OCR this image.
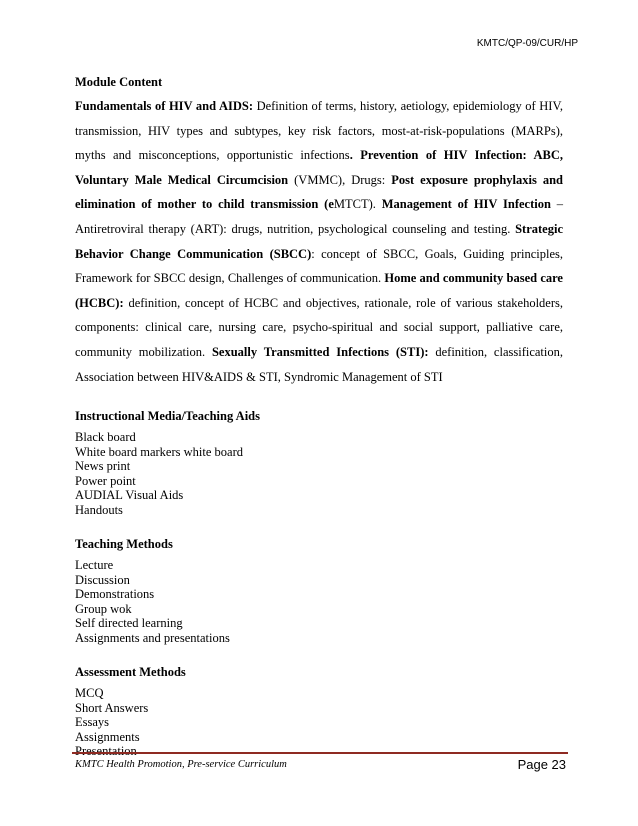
KMTC/QP-09/CUR/HP

Module Content

Fundamentals of HIV and AIDS: Definition of terms, history, aetiology, epidemiology of HIV, transmission, HIV types and subtypes, key risk factors, most-at-risk-populations (MARPs), myths and misconceptions, opportunistic infections. Prevention of HIV Infection: ABC, Voluntary Male Medical Circumcision (VMMC), Drugs: Post exposure prophylaxis and elimination of mother to child transmission (eMTCT). Management of HIV Infection – Antiretroviral therapy (ART): drugs, nutrition, psychological counseling and testing. Strategic Behavior Change Communication (SBCC): concept of SBCC, Goals, Guiding principles, Framework for SBCC design, Challenges of communication. Home and community based care (HCBC): definition, concept of HCBC and objectives, rationale, role of various stakeholders, components: clinical care, nursing care, psycho-spiritual and social support, palliative care, community mobilization. Sexually Transmitted Infections (STI): definition, classification, Association between HIV&AIDS & STI, Syndromic Management of STI

Instructional Media/Teaching Aids

Black board
White board markers white board
News print
Power point
AUDIAL Visual Aids
Handouts

Teaching Methods

Lecture
Discussion
Demonstrations
Group wok
Self directed learning
Assignments and presentations

Assessment Methods

MCQ
Short Answers
Essays
Assignments
Presentation
KMTC Health Promotion, Pre-service Curriculum	Page 23
